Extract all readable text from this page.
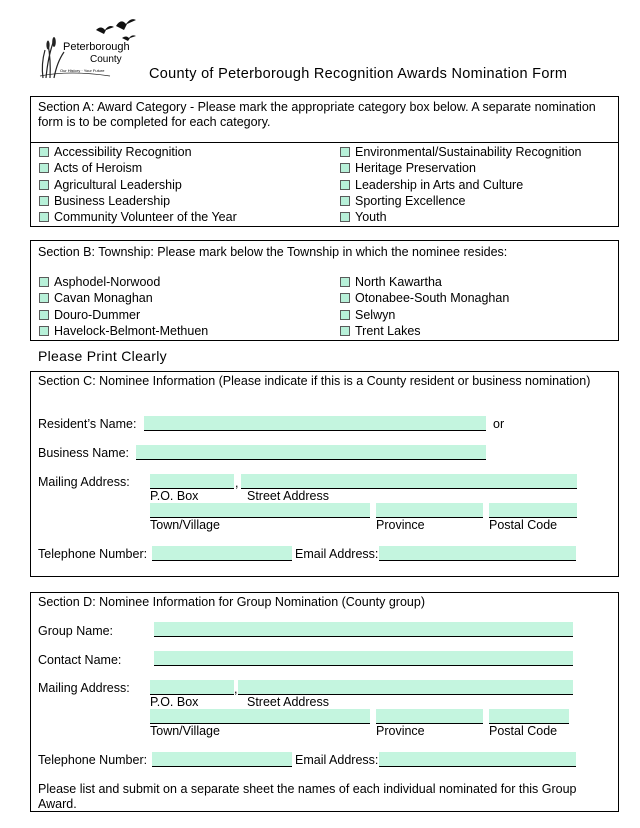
Peterborough
County
Our History · Your Future	County of Peterborough Recognition Awards Nomination Form
Section A: Award Category - Please mark the appropriate category box below. A separate nomination form is to be completed for each category.
Section B: Township: Please mark below the Township in which the nominee resides:
Please Print Clearly
Section C: Nominee Information (Please indicate if this is a County resident or business nomination)
Resident’s Name:	or
Business Name:
Mailing Address:	,
P.O. Box	Street Address
Town/Village	Province	Postal Code
Telephone Number:	Email Address:
Section D: Nominee Information for Group Nomination (County group)
Group Name:
Contact Name:
Mailing Address:	,
P.O. Box	Street Address
Town/Village	Province	Postal Code
Telephone Number:	Email Address:
Please list and submit on a separate sheet the names of each individual nominated for this Group Award.
Accessibility Recognition
Acts of Heroism
Agricultural Leadership
Business Leadership
Community Volunteer of the Year
Environmental/Sustainability Recognition
Heritage Preservation
Leadership in Arts and Culture
Sporting Excellence
Youth
Asphodel-Norwood
Cavan Monaghan
Douro-Dummer
Havelock-Belmont-Methuen
North Kawartha
Otonabee-South Monaghan
Selwyn
Trent Lakes
